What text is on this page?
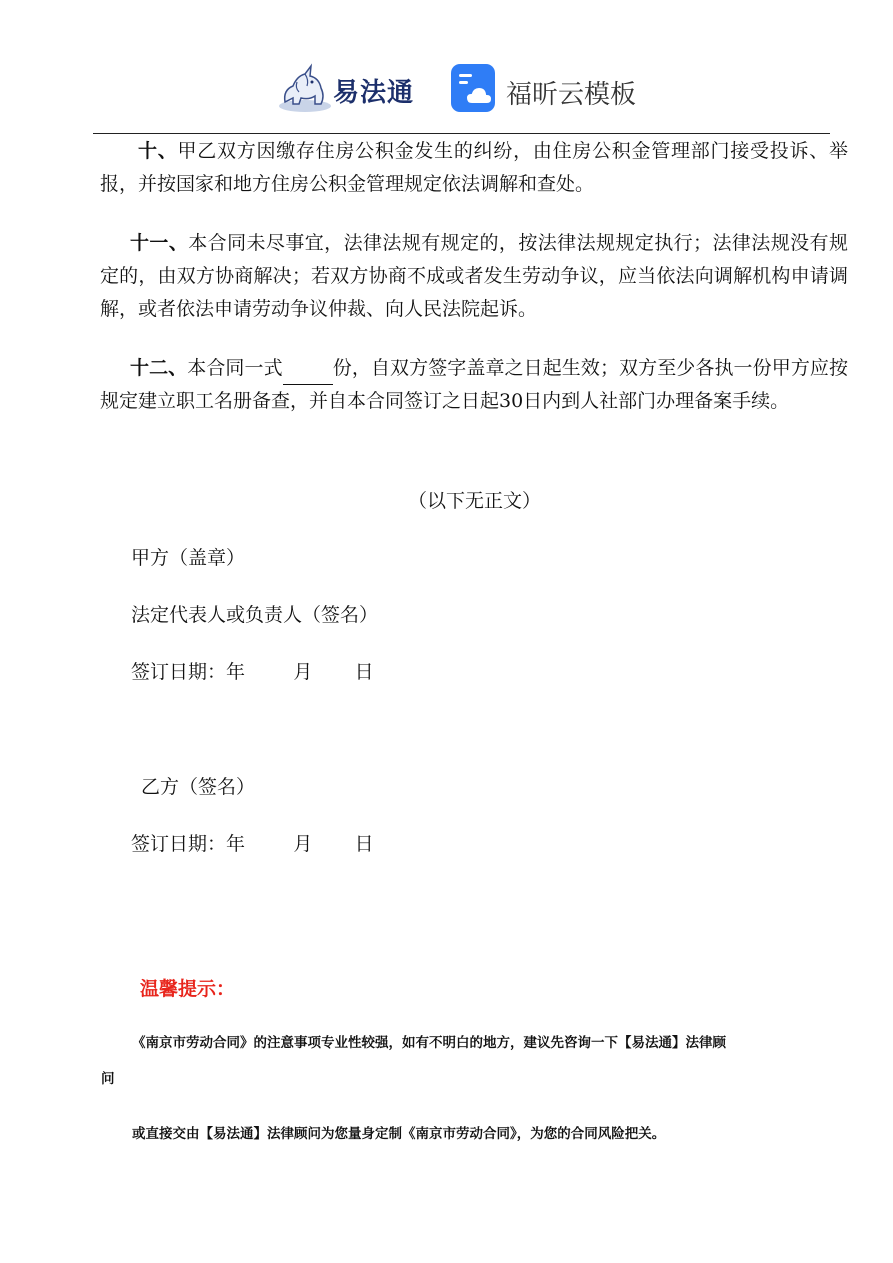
易法通	福昕云模板
十、甲乙双方因缴存住房公积金发生的纠纷，由住房公积金管理部门接受投诉、举报，并按国家和地方住房公积金管理规定依法调解和查处。
十一、本合同未尽事宜，法律法规有规定的，按法律法规规定执行；法律法规没有规定的，由双方协商解决；若双方协商不成或者发生劳动争议，应当依法向调解机构申请调解，或者依法申请劳动争议仲裁、向人民法院起诉。
十二、本合同一式	份，自双方签字盖章之日起生效；双方至少各执一份甲方应按规定建立职工名册备查，并自本合同签订之日起30日内到人社部门办理备案手续。
（以下无正文）
甲方（盖章）
法定代表人或负责人（签名）
签订日期：年        月       日
乙方（签名）
签订日期：年        月       日
温馨提示：
《南京市劳动合同》的注意事项专业性较强，如有不明白的地方，建议先咨询一下【易法通】法律顾
问
或直接交由【易法通】法律顾问为您量身定制《南京市劳动合同》，为您的合同风险把关。
